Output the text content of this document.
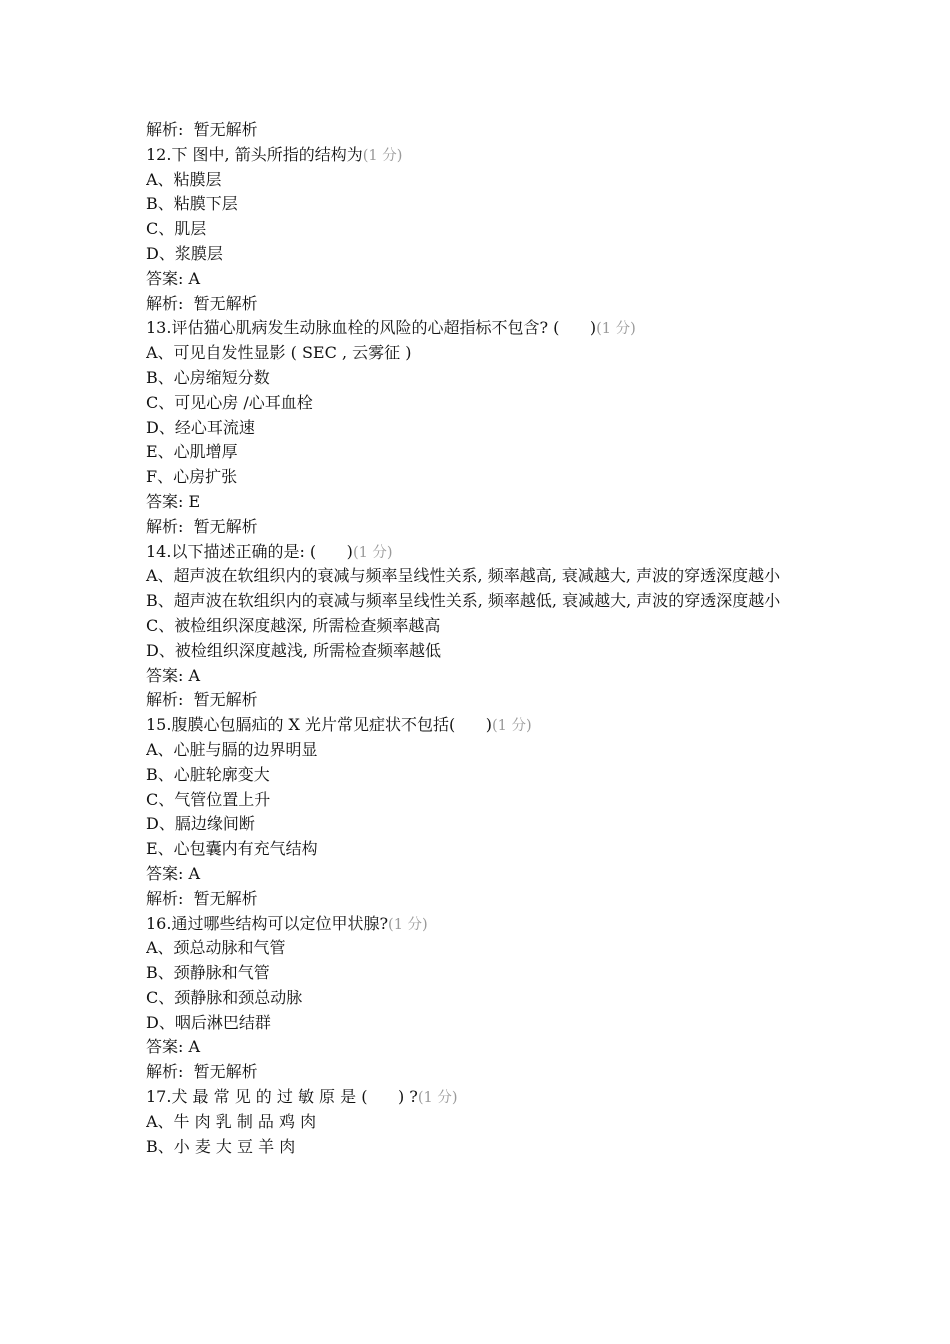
解析:  暂无解析
12.下 图中, 箭头所指的结构为(1 分)
A、粘膜层
B、粘膜下层
C、肌层
D、浆膜层
答案: A
解析:  暂无解析
13.评估猫心肌病发生动脉血栓的风险的心超指标不包含? (      )(1 分)
A、可见自发性显影 ( SEC , 云雾征 )
B、心房缩短分数
C、可见心房 /心耳血栓
D、经心耳流速
E、心肌增厚
F、心房扩张
答案: E
解析:  暂无解析
14.以下描述正确的是: (      )(1 分)
A、超声波在软组织内的衰减与频率呈线性关系, 频率越高, 衰减越大, 声波的穿透深度越小
B、超声波在软组织内的衰减与频率呈线性关系, 频率越低, 衰减越大, 声波的穿透深度越小
C、被检组织深度越深, 所需检查频率越高
D、被检组织深度越浅, 所需检查频率越低
答案: A
解析:  暂无解析
15.腹膜心包膈疝的 X 光片常见症状不包括(      )(1 分)
A、心脏与膈的边界明显
B、心脏轮廓变大
C、气管位置上升
D、膈边缘间断
E、心包囊内有充气结构
答案: A
解析:  暂无解析
16.通过哪些结构可以定位甲状腺?(1 分)
A、颈总动脉和气管
B、颈静脉和气管
C、颈静脉和颈总动脉
D、咽后淋巴结群
答案: A
解析:  暂无解析
17.犬 最 常 见 的 过 敏 原 是 (      ) ?(1 分)
A、牛 肉 乳 制 品 鸡 肉
B、小 麦 大 豆 羊 肉
